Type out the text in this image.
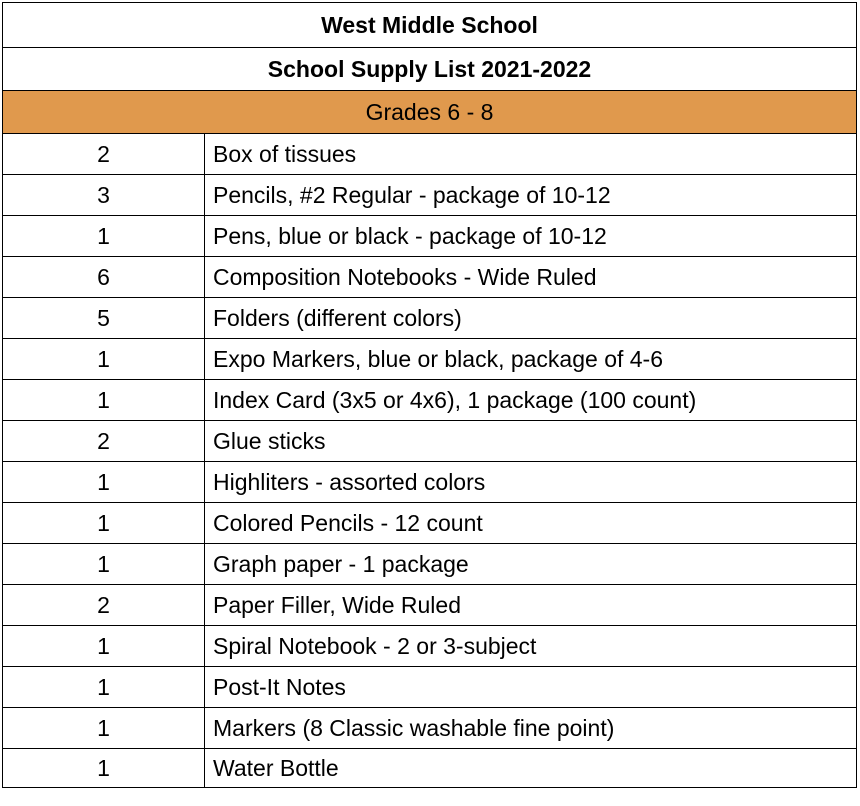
West Middle School	
School Supply List 2021-2022	
Grades 6 - 8	
2	Box of tissues
3	Pencils, #2 Regular - package of 10-12
1	Pens, blue or black - package of 10-12
6	Composition Notebooks - Wide Ruled
5	Folders (different colors)
1	Expo Markers, blue or black, package of 4-6
1	Index Card (3x5 or 4x6), 1 package (100 count)
2	Glue sticks
1	Highliters - assorted colors
1	Colored Pencils - 12 count
1	Graph paper - 1 package
2	Paper Filler, Wide Ruled
1	Spiral Notebook - 2 or 3-subject
1	Post-It Notes
1	Markers (8 Classic washable fine point)
1	Water Bottle
